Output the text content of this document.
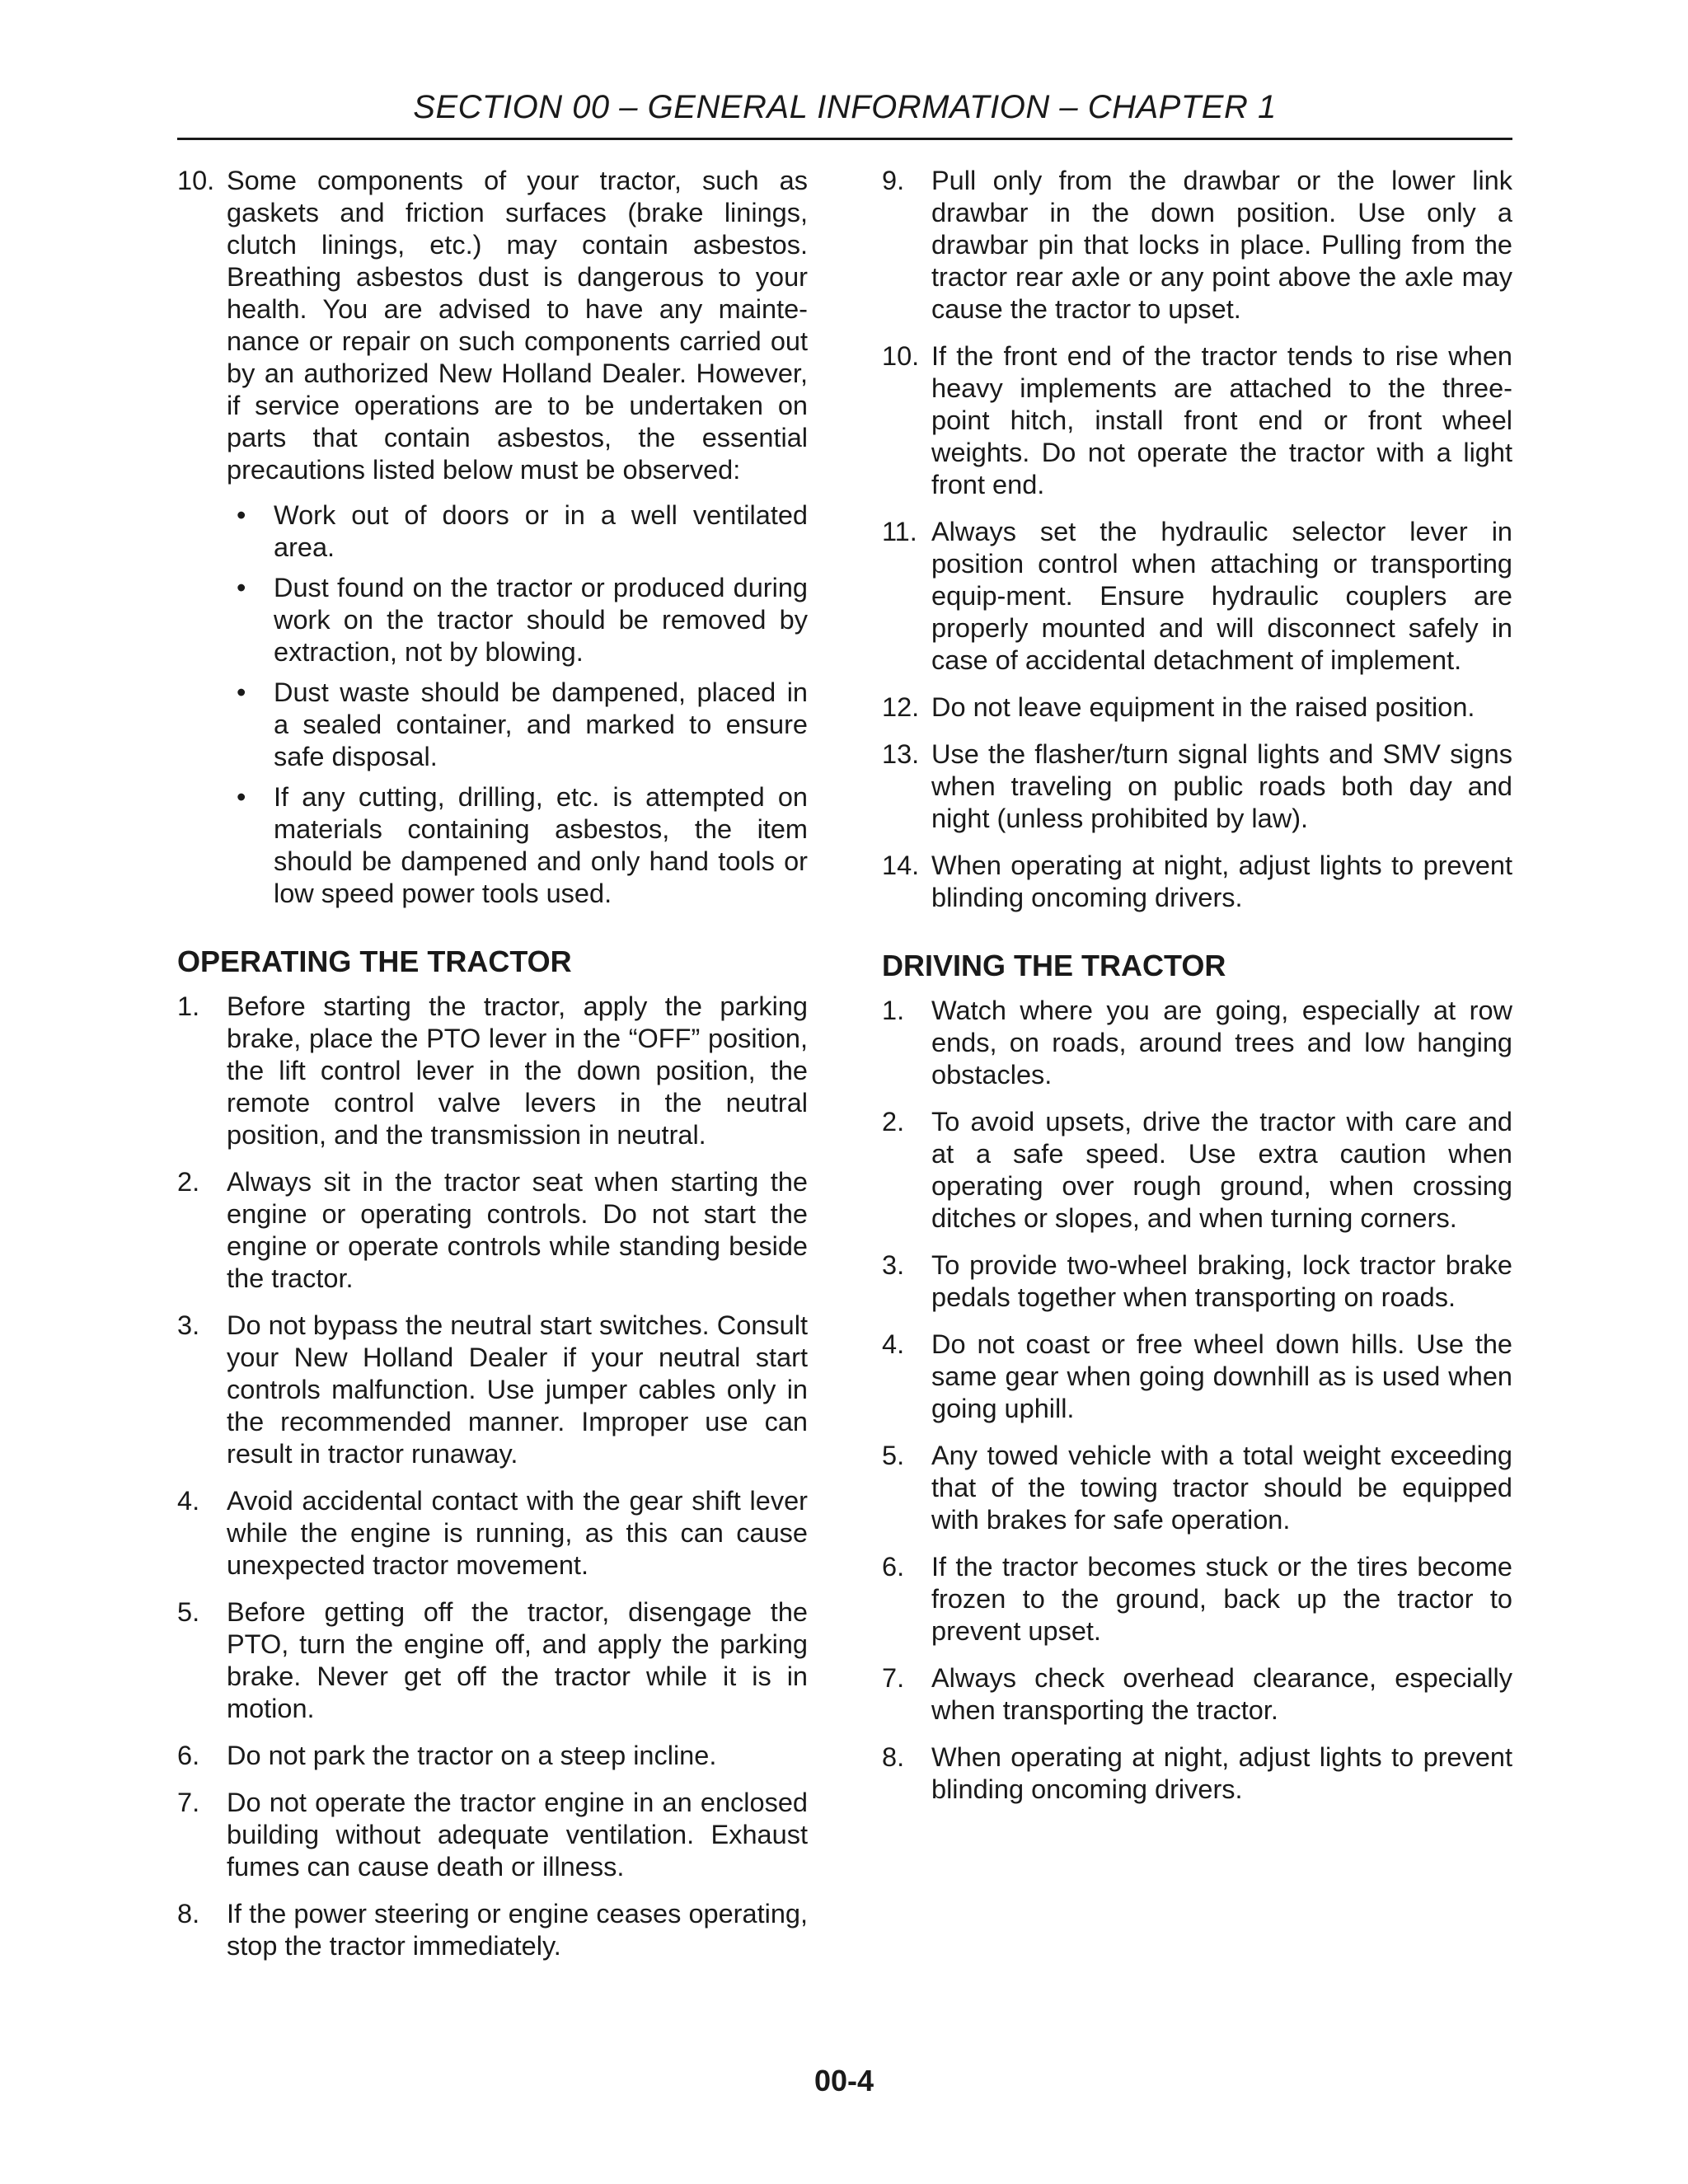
SECTION 00 – GENERAL INFORMATION – CHAPTER 1
10. Some components of your tractor, such as gaskets and friction surfaces (brake linings, clutch linings, etc.) may contain asbestos. Breathing asbestos dust is dangerous to your health. You are advised to have any mainte-nance or repair on such components carried out by an authorized New Holland Dealer. However, if service operations are to be undertaken on parts that contain asbestos, the essential precautions listed below must be observed:
• Work out of doors or in a well ventilated area.
• Dust found on the tractor or produced during work on the tractor should be removed by extraction, not by blowing.
• Dust waste should be dampened, placed in a sealed container, and marked to ensure safe disposal.
• If any cutting, drilling, etc. is attempted on materials containing asbestos, the item should be dampened and only hand tools or low speed power tools used.
OPERATING THE TRACTOR
1. Before starting the tractor, apply the parking brake, place the PTO lever in the “OFF” position, the lift control lever in the down position, the remote control valve levers in the neutral position, and the transmission in neutral.
2. Always sit in the tractor seat when starting the engine or operating controls. Do not start the engine or operate controls while standing beside the tractor.
3. Do not bypass the neutral start switches. Consult your New Holland Dealer if your neutral start controls malfunction. Use jumper cables only in the recommended manner. Improper use can result in tractor runaway.
4. Avoid accidental contact with the gear shift lever while the engine is running, as this can cause unexpected tractor movement.
5. Before getting off the tractor, disengage the PTO, turn the engine off, and apply the parking brake. Never get off the tractor while it is in motion.
6. Do not park the tractor on a steep incline.
7. Do not operate the tractor engine in an enclosed building without adequate ventilation. Exhaust fumes can cause death or illness.
8. If the power steering or engine ceases operating, stop the tractor immediately.
9. Pull only from the drawbar or the lower link drawbar in the down position. Use only a drawbar pin that locks in place. Pulling from the tractor rear axle or any point above the axle may cause the tractor to upset.
10. If the front end of the tractor tends to rise when heavy implements are attached to the three-point hitch, install front end or front wheel weights. Do not operate the tractor with a light front end.
11. Always set the hydraulic selector lever in position control when attaching or transporting equip-ment. Ensure hydraulic couplers are properly mounted and will disconnect safely in case of accidental detachment of implement.
12. Do not leave equipment in the raised position.
13. Use the flasher/turn signal lights and SMV signs when traveling on public roads both day and night (unless prohibited by law).
14. When operating at night, adjust lights to prevent blinding oncoming drivers.
DRIVING THE TRACTOR
1. Watch where you are going, especially at row ends, on roads, around trees and low hanging obstacles.
2. To avoid upsets, drive the tractor with care and at a safe speed. Use extra caution when operating over rough ground, when crossing ditches or slopes, and when turning corners.
3. To provide two-wheel braking, lock tractor brake pedals together when transporting on roads.
4. Do not coast or free wheel down hills. Use the same gear when going downhill as is used when going uphill.
5. Any towed vehicle with a total weight exceeding that of the towing tractor should be equipped with brakes for safe operation.
6. If the tractor becomes stuck or the tires become frozen to the ground, back up the tractor to prevent upset.
7. Always check overhead clearance, especially when transporting the tractor.
8. When operating at night, adjust lights to prevent blinding oncoming drivers.
00-4
